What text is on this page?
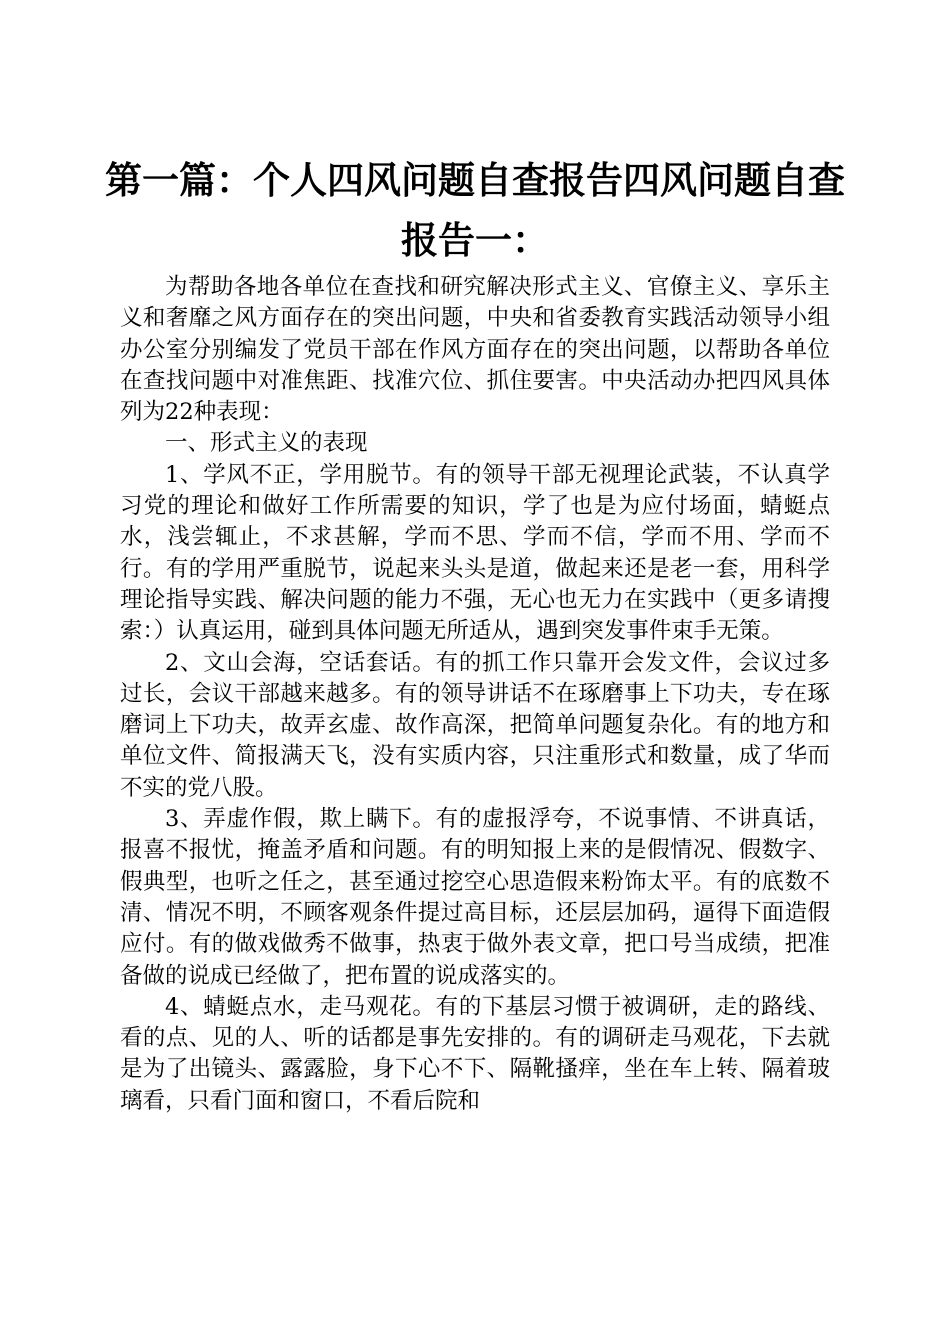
第一篇：个人四风问题自查报告四风问题自查
报告一：

为帮助各地各单位在查找和研究解决形式主义、官僚主义、享乐主义和奢靡之风方面存在的突出问题，中央和省委教育实践活动领导小组办公室分别编发了党员干部在作风方面存在的突出问题，以帮助各单位在查找问题中对准焦距、找准穴位、抓住要害。中央活动办把四风具体列为22种表现：

一、形式主义的表现

1、学风不正，学用脱节。有的领导干部无视理论武装，不认真学习党的理论和做好工作所需要的知识，学了也是为应付场面，蜻蜓点水，浅尝辄止，不求甚解，学而不思、学而不信，学而不用、学而不行。有的学用严重脱节，说起来头头是道，做起来还是老一套，用科学理论指导实践、解决问题的能力不强，无心也无力在实践中（更多请搜索：）认真运用，碰到具体问题无所适从，遇到突发事件束手无策。

2、文山会海，空话套话。有的抓工作只靠开会发文件，会议过多过长，会议干部越来越多。有的领导讲话不在琢磨事上下功夫，专在琢磨词上下功夫，故弄玄虚、故作高深，把简单问题复杂化。有的地方和单位文件、简报满天飞，没有实质内容，只注重形式和数量，成了华而不实的党八股。

3、弄虚作假，欺上瞒下。有的虚报浮夸，不说事情、不讲真话，报喜不报忧，掩盖矛盾和问题。有的明知报上来的是假情况、假数字、假典型，也听之任之，甚至通过挖空心思造假来粉饰太平。有的底数不清、情况不明，不顾客观条件提过高目标，还层层加码，逼得下面造假应付。有的做戏做秀不做事，热衷于做外表文章，把口号当成绩，把准备做的说成已经做了，把布置的说成落实的。

4、蜻蜓点水，走马观花。有的下基层习惯于被调研，走的路线、看的点、见的人、听的话都是事先安排的。有的调研走马观花，下去就是为了出镜头、露露脸，身下心不下、隔靴搔痒，坐在车上转、隔着玻璃看，只看门面和窗口，不看后院和
